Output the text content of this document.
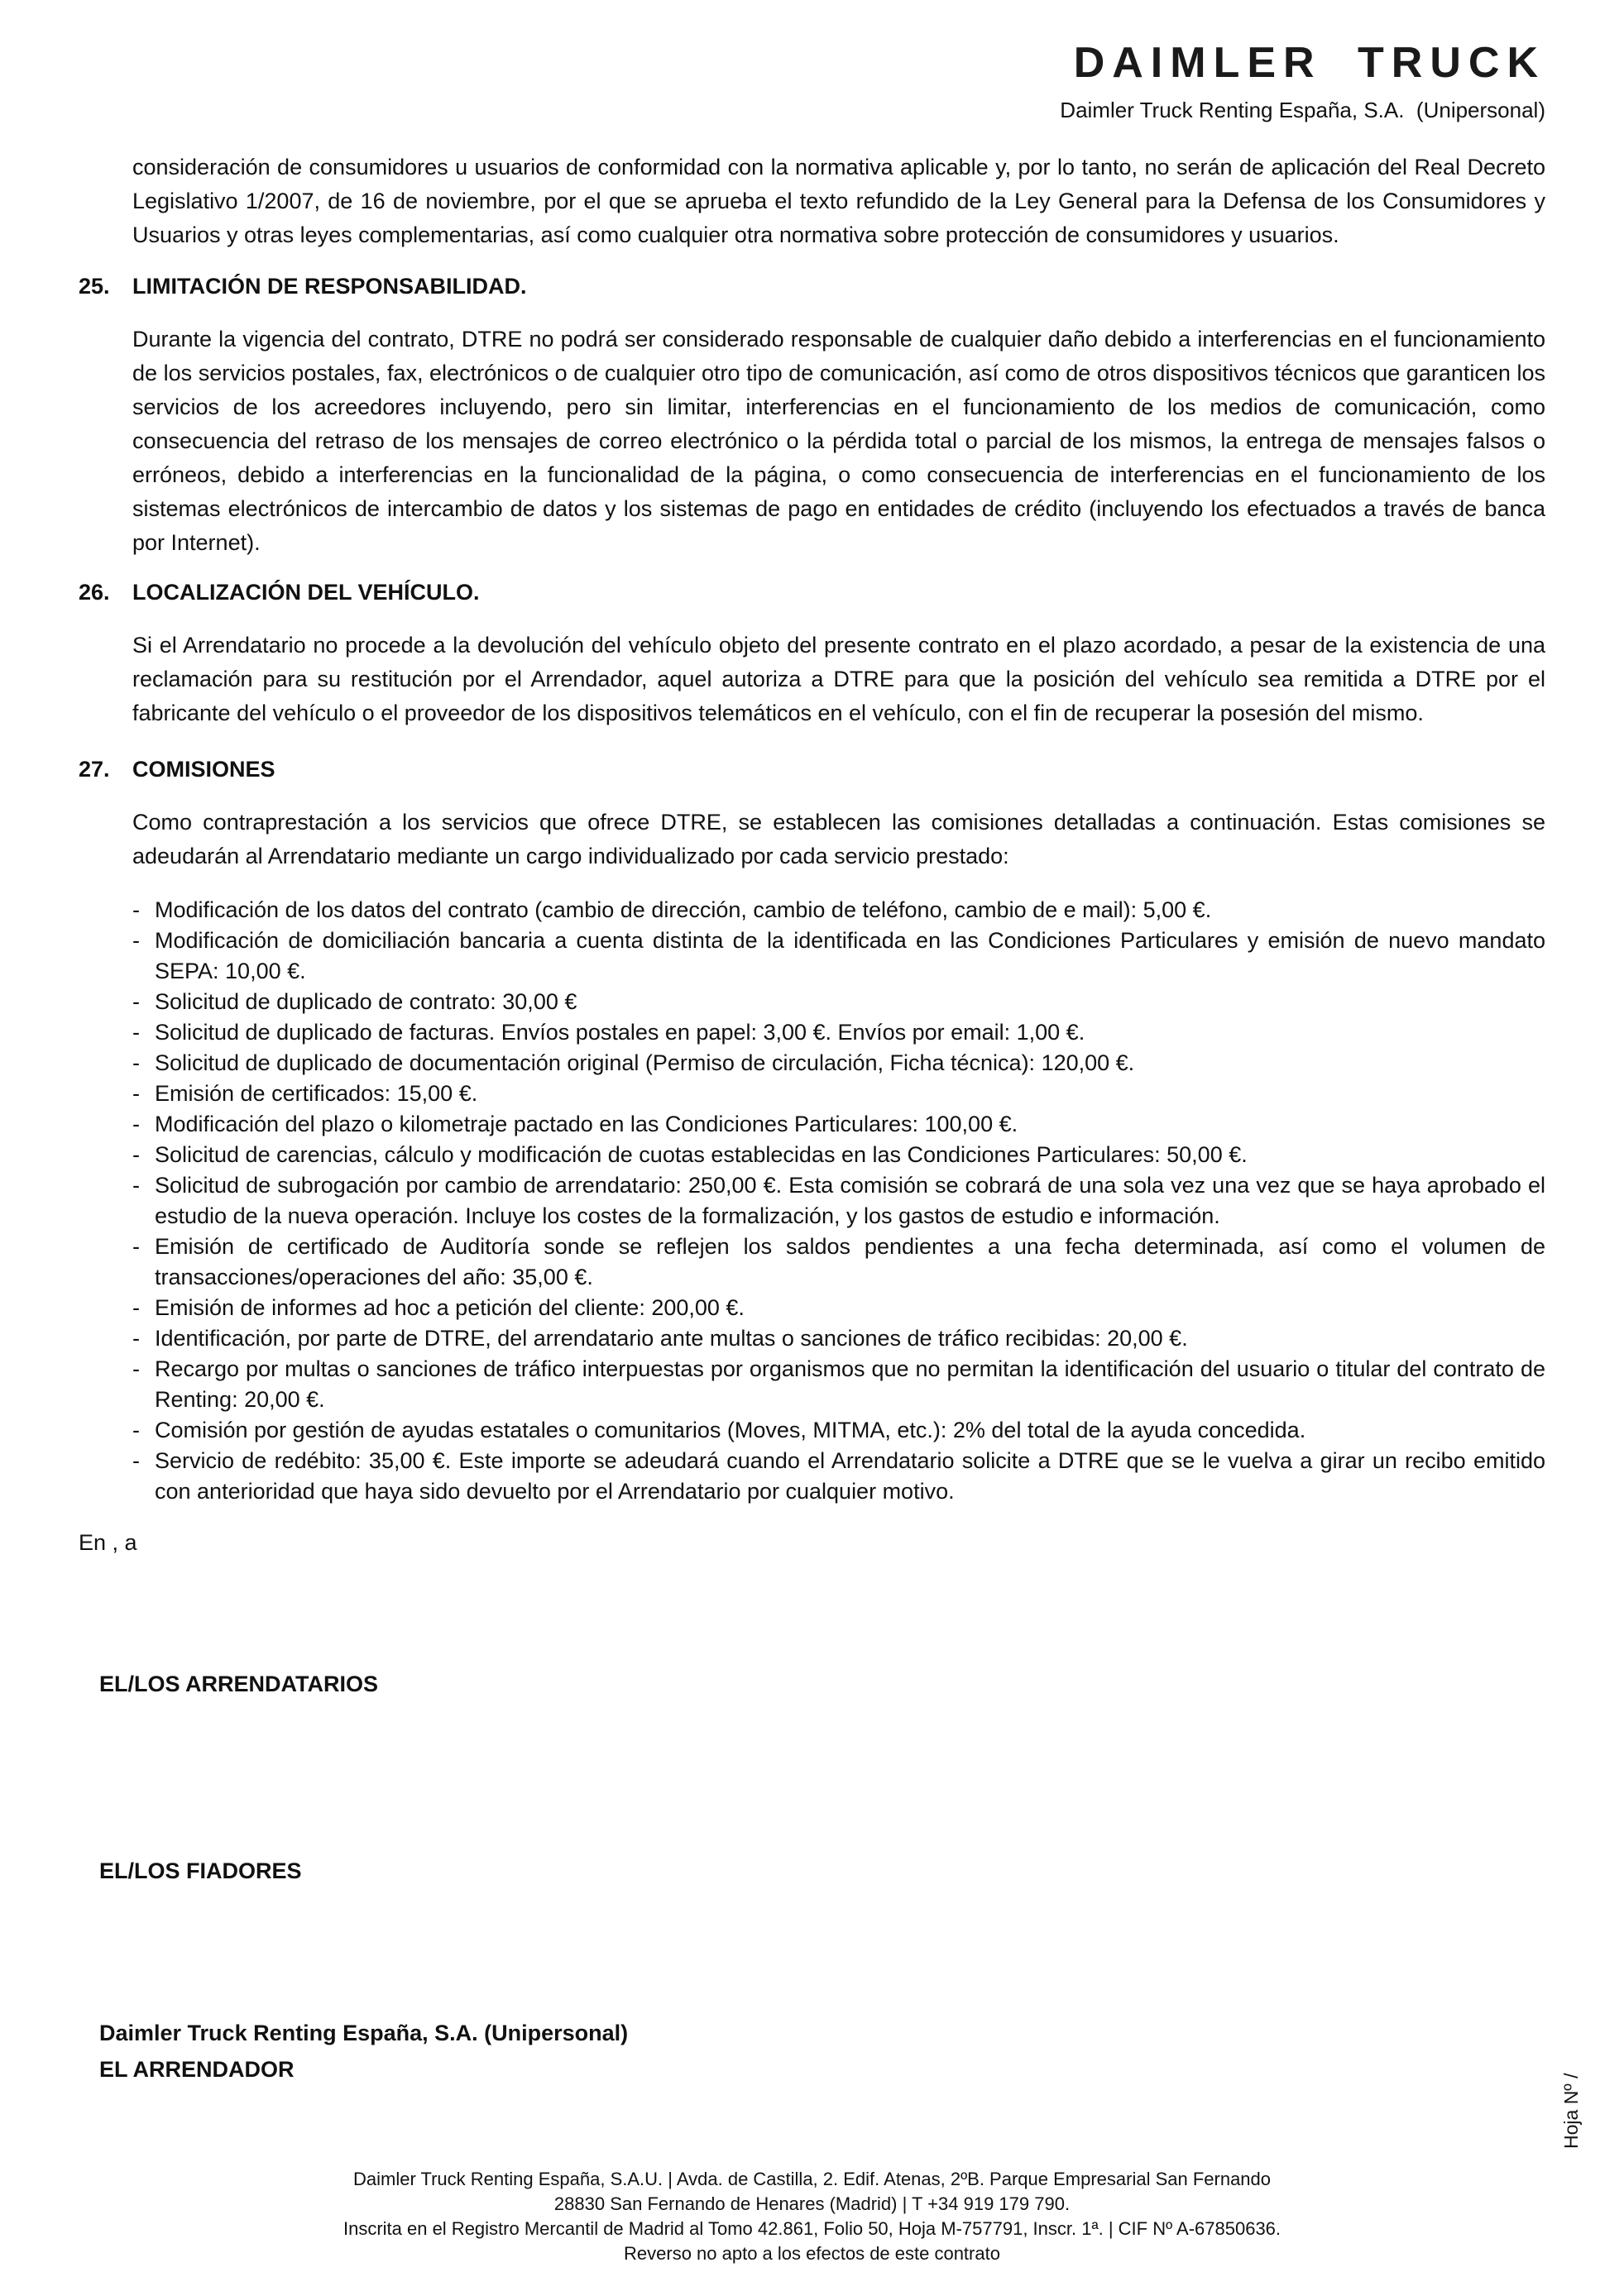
DAIMLER TRUCK
Daimler Truck Renting España, S.A.  (Unipersonal)
consideración de consumidores u usuarios de conformidad con la normativa aplicable y, por lo tanto, no serán de aplicación del Real Decreto Legislativo 1/2007, de 16 de noviembre, por el que se aprueba el texto refundido de la Ley General para la Defensa de los Consumidores y Usuarios y otras leyes complementarias, así como cualquier otra normativa sobre protección de consumidores y usuarios.
25.	LIMITACIÓN DE RESPONSABILIDAD.
Durante la vigencia del contrato, DTRE no podrá ser considerado responsable de cualquier daño debido a interferencias en el funcionamiento de los servicios postales, fax, electrónicos o de cualquier otro tipo de comunicación, así como de otros dispositivos técnicos que garanticen los servicios de los acreedores incluyendo, pero sin limitar, interferencias en el funcionamiento de los medios de comunicación, como consecuencia del retraso de los mensajes de correo electrónico o la pérdida total o parcial de los mismos, la entrega de mensajes falsos o erróneos, debido a interferencias en la funcionalidad de la página, o como consecuencia de interferencias en el funcionamiento de los sistemas electrónicos de intercambio de datos y los sistemas de pago en entidades de crédito (incluyendo los efectuados a través de banca por Internet).
26.	LOCALIZACIÓN DEL VEHÍCULO.
Si el Arrendatario no procede a la devolución del vehículo objeto del presente contrato en el plazo acordado, a pesar de la existencia de una reclamación para su restitución por el Arrendador, aquel autoriza a DTRE para que la posición del vehículo sea remitida a DTRE por el fabricante del vehículo o el proveedor de los dispositivos telemáticos en el vehículo, con el fin de recuperar la posesión del mismo.
27.	COMISIONES
Como contraprestación a los servicios que ofrece DTRE, se establecen las comisiones detalladas a continuación. Estas comisiones se adeudarán al Arrendatario mediante un cargo individualizado por cada servicio prestado:
- Modificación de los datos del contrato (cambio de dirección, cambio de teléfono, cambio de e mail): 5,00 €.
- Modificación de domiciliación bancaria a cuenta distinta de la identificada en las Condiciones Particulares y emisión de nuevo mandato SEPA: 10,00 €.
- Solicitud de duplicado de contrato: 30,00 €
- Solicitud de duplicado de facturas. Envíos postales en papel: 3,00 €. Envíos por email: 1,00 €.
- Solicitud de duplicado de documentación original (Permiso de circulación, Ficha técnica): 120,00 €.
- Emisión de certificados: 15,00 €.
- Modificación del plazo o kilometraje pactado en las Condiciones Particulares: 100,00 €.
- Solicitud de carencias, cálculo y modificación de cuotas establecidas en las Condiciones Particulares: 50,00 €.
- Solicitud de subrogación por cambio de arrendatario: 250,00 €. Esta comisión se cobrará de una sola vez una vez que se haya aprobado el estudio de la nueva operación. Incluye los costes de la formalización, y los gastos de estudio e información.
- Emisión de certificado de Auditoría sonde se reflejen los saldos pendientes a una fecha determinada, así como el volumen de transacciones/operaciones del año: 35,00 €.
- Emisión de informes ad hoc a petición del cliente: 200,00 €.
- Identificación, por parte de DTRE, del arrendatario ante multas o sanciones de tráfico recibidas: 20,00 €.
- Recargo por multas o sanciones de tráfico interpuestas por organismos que no permitan la identificación del usuario o titular del contrato de Renting: 20,00 €.
- Comisión por gestión de ayudas estatales o comunitarios (Moves, MITMA, etc.): 2% del total de la ayuda concedida.
- Servicio de redébito: 35,00 €. Este importe se adeudará cuando el Arrendatario solicite a DTRE que se le vuelva a girar un recibo emitido con anterioridad que haya sido devuelto por el Arrendatario por cualquier motivo.
En , a
EL/LOS ARRENDATARIOS
EL/LOS FIADORES
Daimler Truck Renting España, S.A. (Unipersonal)
EL ARRENDADOR
Hoja Nº /
Daimler Truck Renting España, S.A.U. | Avda. de Castilla, 2. Edif. Atenas, 2ºB. Parque Empresarial San Fernando
28830 San Fernando de Henares (Madrid) | T +34 919 179 790.
Inscrita en el Registro Mercantil de Madrid al Tomo 42.861, Folio 50, Hoja M-757791, Inscr. 1ª. | CIF Nº A-67850636.
Reverso no apto a los efectos de este contrato
